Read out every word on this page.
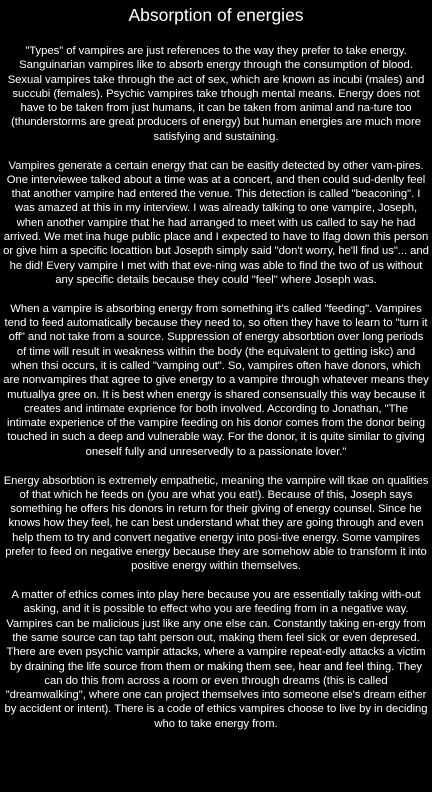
Absorption of energies

"Types" of vampires are just references to the way they prefer to take energy. Sanguinarian vampires like to absorb energy through the consumption of blood. Sexual vampires take through the act of sex, which are known as incubi (males) and succubi (females). Psychic vampires take trhough mental means. Energy does not have to be taken from just humans, it can be taken from animal and na-ture too (thunderstorms are great producers of energy) but human energies are much more satisfying and sustaining.

Vampires generate a certain energy that can be easitly detected by other vam-pires. One interviewee talked about a time was at a concert, and then could sud-denlty feel that another vampire had entered the venue. This detection is called "beaconing". I was amazed at this in my interview. I was already talking to one vampire, Joseph, when another vampire that he had arranged to meet with us called to say he had arrived. We met ina huge public place and I expected to have to lfag down this person or give him a specific locattion but Josepth simply said "don't worry, he'll find us"... and he did! Every vampire I met with that eve-ning was able to find the two of us without any specific details because they could "feel" where Joseph was.

When a vampire is absorbing energy from something it's called "feeding". Vampires tend to feed automatically because they need to, so often they have to learn to "turn it off" and not take from a source. Suppression of energy absorbtion over long periods of time will result in weakness within the body (the equivalent to getting iskc) and when thsi occurs, it is called "vamping out". So, vampires often have donors, which are nonvampires that agree to give energy to a vampire through whatever means they mutuallya gree on. It is best when energy is shared consensually this way because it creates and intimate exprience for both involved. According to Jonathan, "The intimate experience of the vampire feeding on his donor comes from the donor being touched in such a deep and vulnerable way. For the donor, it is quite similar to giving oneself fully and unreservedly to a passionate lover."

Energy absorbtion is extremely empathetic, meaning the vampire will tkae on qualities of that which he feeds on (you are what you eat!). Because of this, Joseph says something he offers his donors in return for their giving of energy counsel. Since he knows how they feel, he can best understand what they are going through and even help them to try and convert negative energy into posi-tive energy. Some vampires prefer to feed on negative energy because they are somehow able to transform it into positive energy within themselves.

A matter of ethics comes into play here because you are essentially taking with-out asking, and it is possible to effect who you are feeding from in a negative way. Vampires can be malicious just like any one else can. Constantly taking en-ergy from the same source can tap taht person out, making them feel sick or even depresed. There are even psychic vampir attacks, where a vampire repeat-edly attacks a victim by draining the life source from them or making them see, hear and feel thing. They can do this from across a room or even through dreams (this is called "dreamwalking", where one can project themselves into someone else's dream either by accident or intent). There is a code of ethics vampires choose to live by in deciding who to take energy from.
